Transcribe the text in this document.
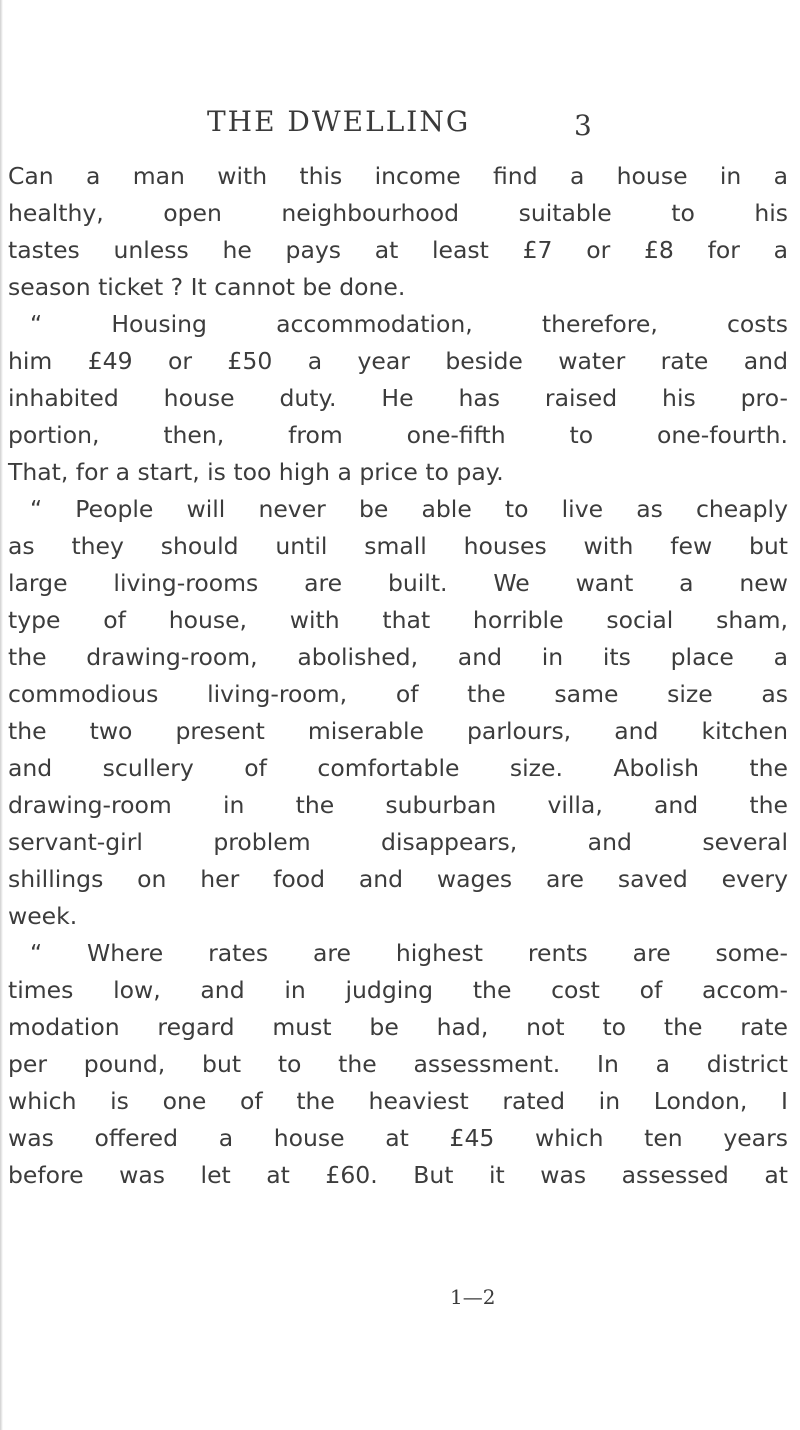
THE DWELLING	3
Can a man with this income find a house in a
healthy, open neighbourhood suitable to his
tastes unless he pays at least £7 or £8 for a
season ticket ? It cannot be done.
“ Housing accommodation, therefore, costs
him £49 or £50 a year beside water rate and
inhabited house duty. He has raised his pro-
portion, then, from one-fifth to one-fourth.
That, for a start, is too high a price to pay.
“ People will never be able to live as cheaply
as they should until small houses with few but
large living-rooms are built. We want a new
type of house, with that horrible social sham,
the drawing-room, abolished, and in its place a
commodious living-room, of the same size as
the two present miserable parlours, and kitchen
and scullery of comfortable size. Abolish the
drawing-room in the suburban villa, and the
servant-girl problem disappears, and several
shillings on her food and wages are saved every
week.
“ Where rates are highest rents are some-
times low, and in judging the cost of accom-
modation regard must be had, not to the rate
per pound, but to the assessment. In a district
which is one of the heaviest rated in London, I
was offered a house at £45 which ten years
before was let at £60. But it was assessed at
1—2
